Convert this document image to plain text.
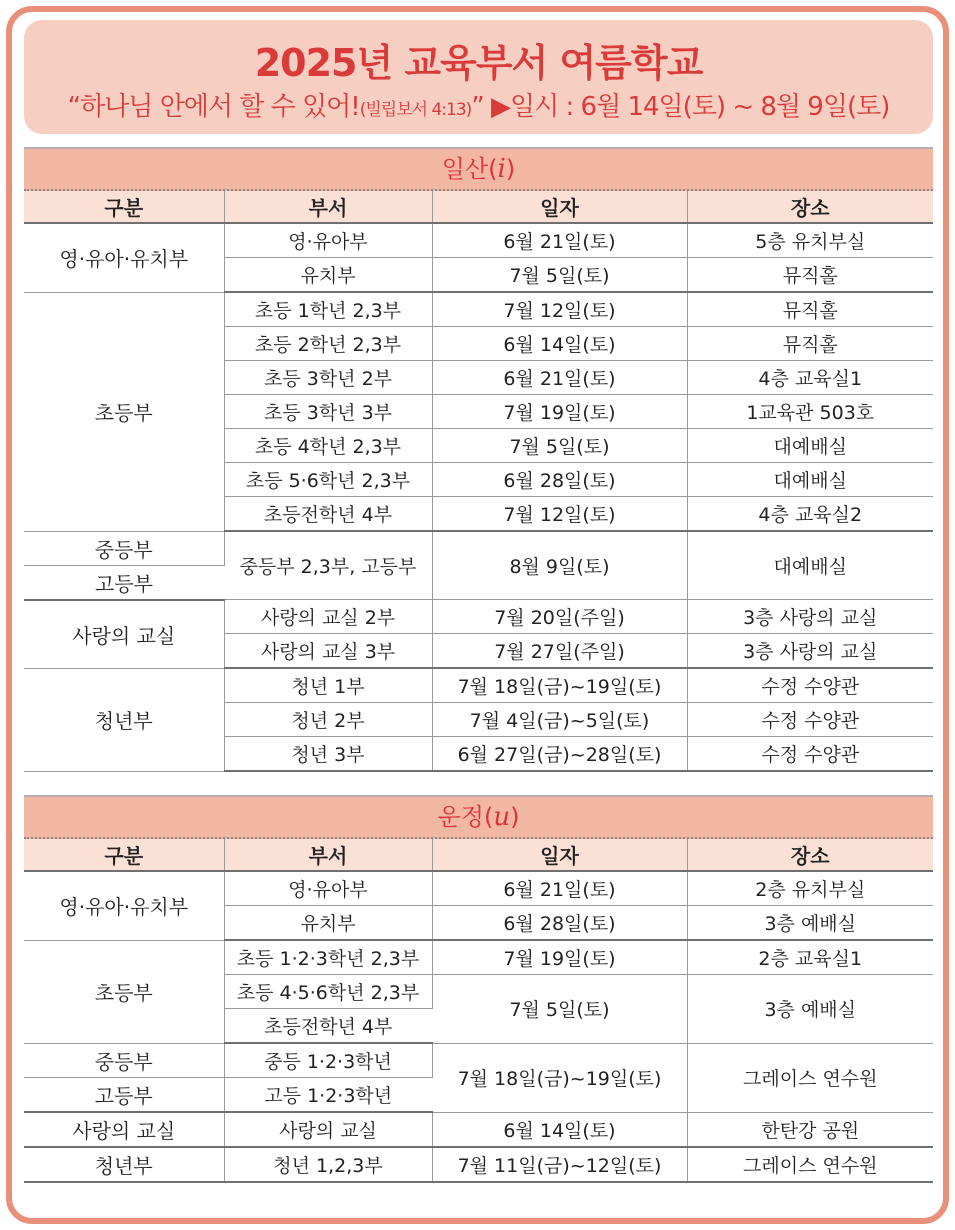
2025년 교육부서 여름학교
“하나님 안에서 할 수 있어!(빌립보서 4:13)” ▶일시 : 6월 14일(토) ~ 8월 9일(토)
일산(i)
구분	부서	일자	장소
영·유아·유치부	영·유아부	6월 21일(토)	5층 유치부실
	유치부	7월 5일(토)	뮤직홀
초등부	초등 1학년 2,3부	7월 12일(토)	뮤직홀
	초등 2학년 2,3부	6월 14일(토)	뮤직홀
	초등 3학년 2부	6월 21일(토)	4층 교육실1
	초등 3학년 3부	7월 19일(토)	1교육관 503호
	초등 4학년 2,3부	7월 5일(토)	대예배실
	초등 5·6학년 2,3부	6월 28일(토)	대예배실
	초등전학년 4부	7월 12일(토)	4층 교육실2
중등부	중등부 2,3부, 고등부	8월 9일(토)	대예배실
고등부			
사랑의 교실	사랑의 교실 2부	7월 20일(주일)	3층 사랑의 교실
	사랑의 교실 3부	7월 27일(주일)	3층 사랑의 교실
청년부	청년 1부	7월 18일(금)~19일(토)	수정 수양관
	청년 2부	7월 4일(금)~5일(토)	수정 수양관
	청년 3부	6월 27일(금)~28일(토)	수정 수양관
운정(u)
구분	부서	일자	장소
영·유아·유치부	영·유아부	6월 21일(토)	2층 유치부실
	유치부	6월 28일(토)	3층 예배실
초등부	초등 1·2·3학년 2,3부	7월 19일(토)	2층 교육실1
	초등 4·5·6학년 2,3부	7월 5일(토)	3층 예배실
	초등전학년 4부		
중등부	중등 1·2·3학년	7월 18일(금)~19일(토)	그레이스 연수원
고등부	고등 1·2·3학년		
사랑의 교실	사랑의 교실	6월 14일(토)	한탄강 공원
청년부	청년 1,2,3부	7월 11일(금)~12일(토)	그레이스 연수원
